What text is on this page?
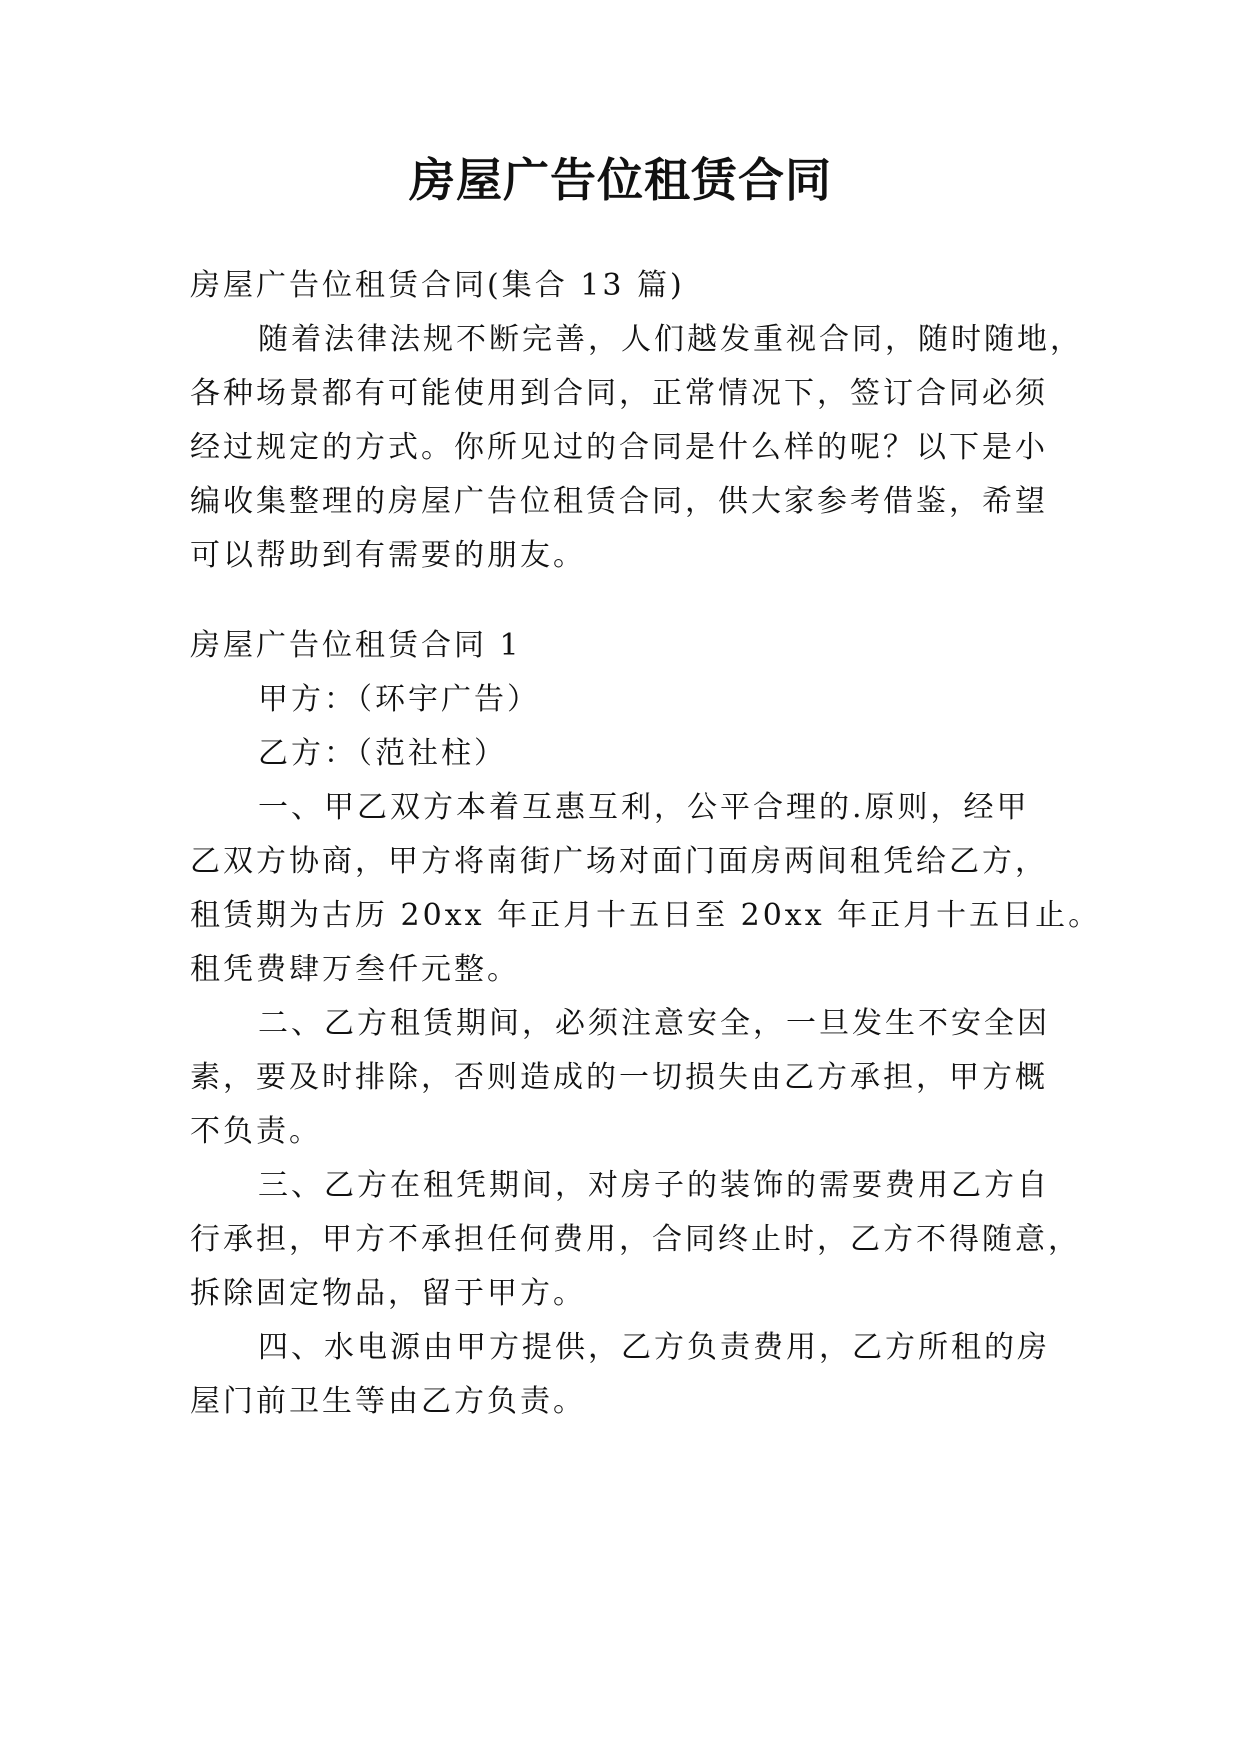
房屋广告位租赁合同
房屋广告位租赁合同(集合 13 篇)
随着法律法规不断完善，人们越发重视合同，随时随地，
各种场景都有可能使用到合同，正常情况下，签订合同必须
经过规定的方式。你所见过的合同是什么样的呢？以下是小
编收集整理的房屋广告位租赁合同，供大家参考借鉴，希望
可以帮助到有需要的朋友。
房屋广告位租赁合同 1
甲方：（环宇广告）
乙方：（范社柱）
一、甲乙双方本着互惠互利，公平合理的.原则，经甲
乙双方协商，甲方将南街广场对面门面房两间租凭给乙方，
租赁期为古历 20xx 年正月十五日至 20xx 年正月十五日止。
租凭费肆万叁仟元整。
二、乙方租赁期间，必须注意安全，一旦发生不安全因
素，要及时排除，否则造成的一切损失由乙方承担，甲方概
不负责。
三、乙方在租凭期间，对房子的装饰的需要费用乙方自
行承担，甲方不承担任何费用，合同终止时，乙方不得随意，
拆除固定物品，留于甲方。
四、水电源由甲方提供，乙方负责费用，乙方所租的房
屋门前卫生等由乙方负责。
